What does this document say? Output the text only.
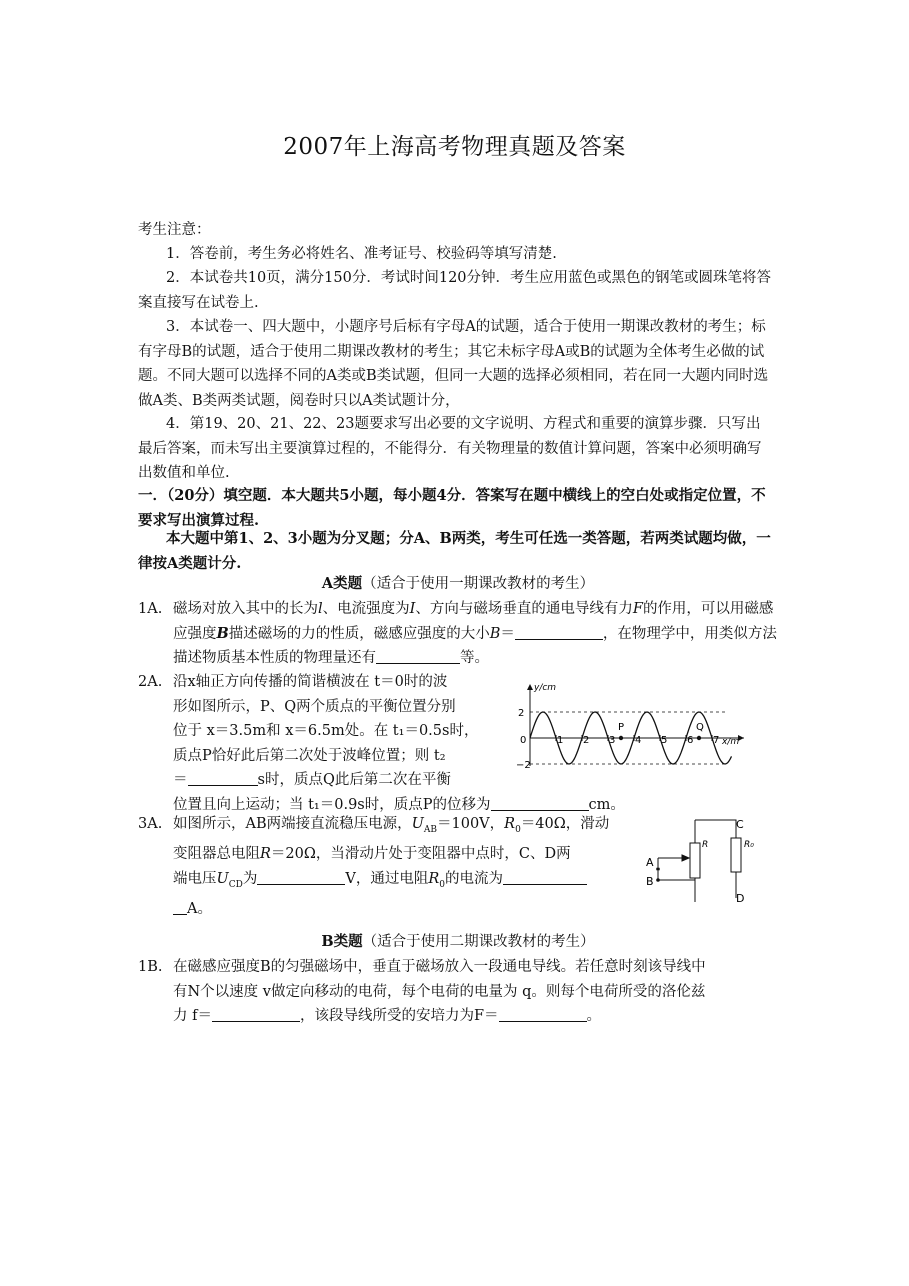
2007年上海高考物理真题及答案
考生注意：
1．答卷前，考生务必将姓名、准考证号、校验码等填写清楚.
2．本试卷共10页，满分150分．考试时间120分钟．考生应用蓝色或黑色的钢笔或圆珠笔将答案直接写在试卷上.
3．本试卷一、四大题中，小题序号后标有字母A的试题，适合于使用一期课改教材的考生；标有字母B的试题，适合于使用二期课改教材的考生；其它未标字母A或B的试题为全体考生必做的试题。不同大题可以选择不同的A类或B类试题，但同一大题的选择必须相同，若在同一大题内同时选做A类、B类两类试题，阅卷时只以A类试题计分，
4．第19、20、21、22、23题要求写出必要的文字说明、方程式和重要的演算步骤．只写出最后答案，而未写出主要演算过程的，不能得分．有关物理量的数值计算问题，答案中必须明确写出数值和单位.
一．（20分）填空题．本大题共5小题，每小题4分．答案写在题中横线上的空白处或指定位置，不要求写出演算过程.
本大题中第1、2、3小题为分叉题；分A、B两类，考生可任选一类答题，若两类试题均做，一律按A类题计分.
A类题（适合于使用一期课改教材的考生）
1A. 磁场对放入其中的长为l、电流强度为I、方向与磁场垂直的通电导线有力F的作用，可以用磁感应强度B描述磁场的力的性质，磁感应强度的大小B＝	，在物理学中，用类似方法描述物质基本性质的物理量还有	等。
2A. 沿x轴正方向传播的简谐横波在 t＝0时的波
形如图所示，P、Q两个质点的平衡位置分别
位于 x＝3.5m和 x＝6.5m处。在 t₁＝0.5s时，
质点P恰好此后第二次处于波峰位置；则 t₂
＝	s时，质点Q此后第二次在平衡
位置且向上运动；当 t₁＝0.9s时，质点P的位移为	cm。
0	1 2 3 4 5 6 7
2
−2
y/cm
x/m
P	Q
3A. 如图所示，AB两端接直流稳压电源，$U_{AB}=100V$，$R_0=40\Omega$，滑动
变阻器总电阻R＝20Ω，当滑动片处于变阻器中点时，C、D两
端电压$U_{CD}$为	V，通过电阻$R_0$的电流为
A。
A
B
C
D
R	R₀
B类题（适合于使用二期课改教材的考生）
1B. 在磁感应强度B的匀强磁场中，垂直于磁场放入一段通电导线。若任意时刻该导线中
有N个以速度 v做定向移动的电荷，每个电荷的电量为 q。则每个电荷所受的洛伦兹
力 f＝	，该段导线所受的安培力为F＝	。
